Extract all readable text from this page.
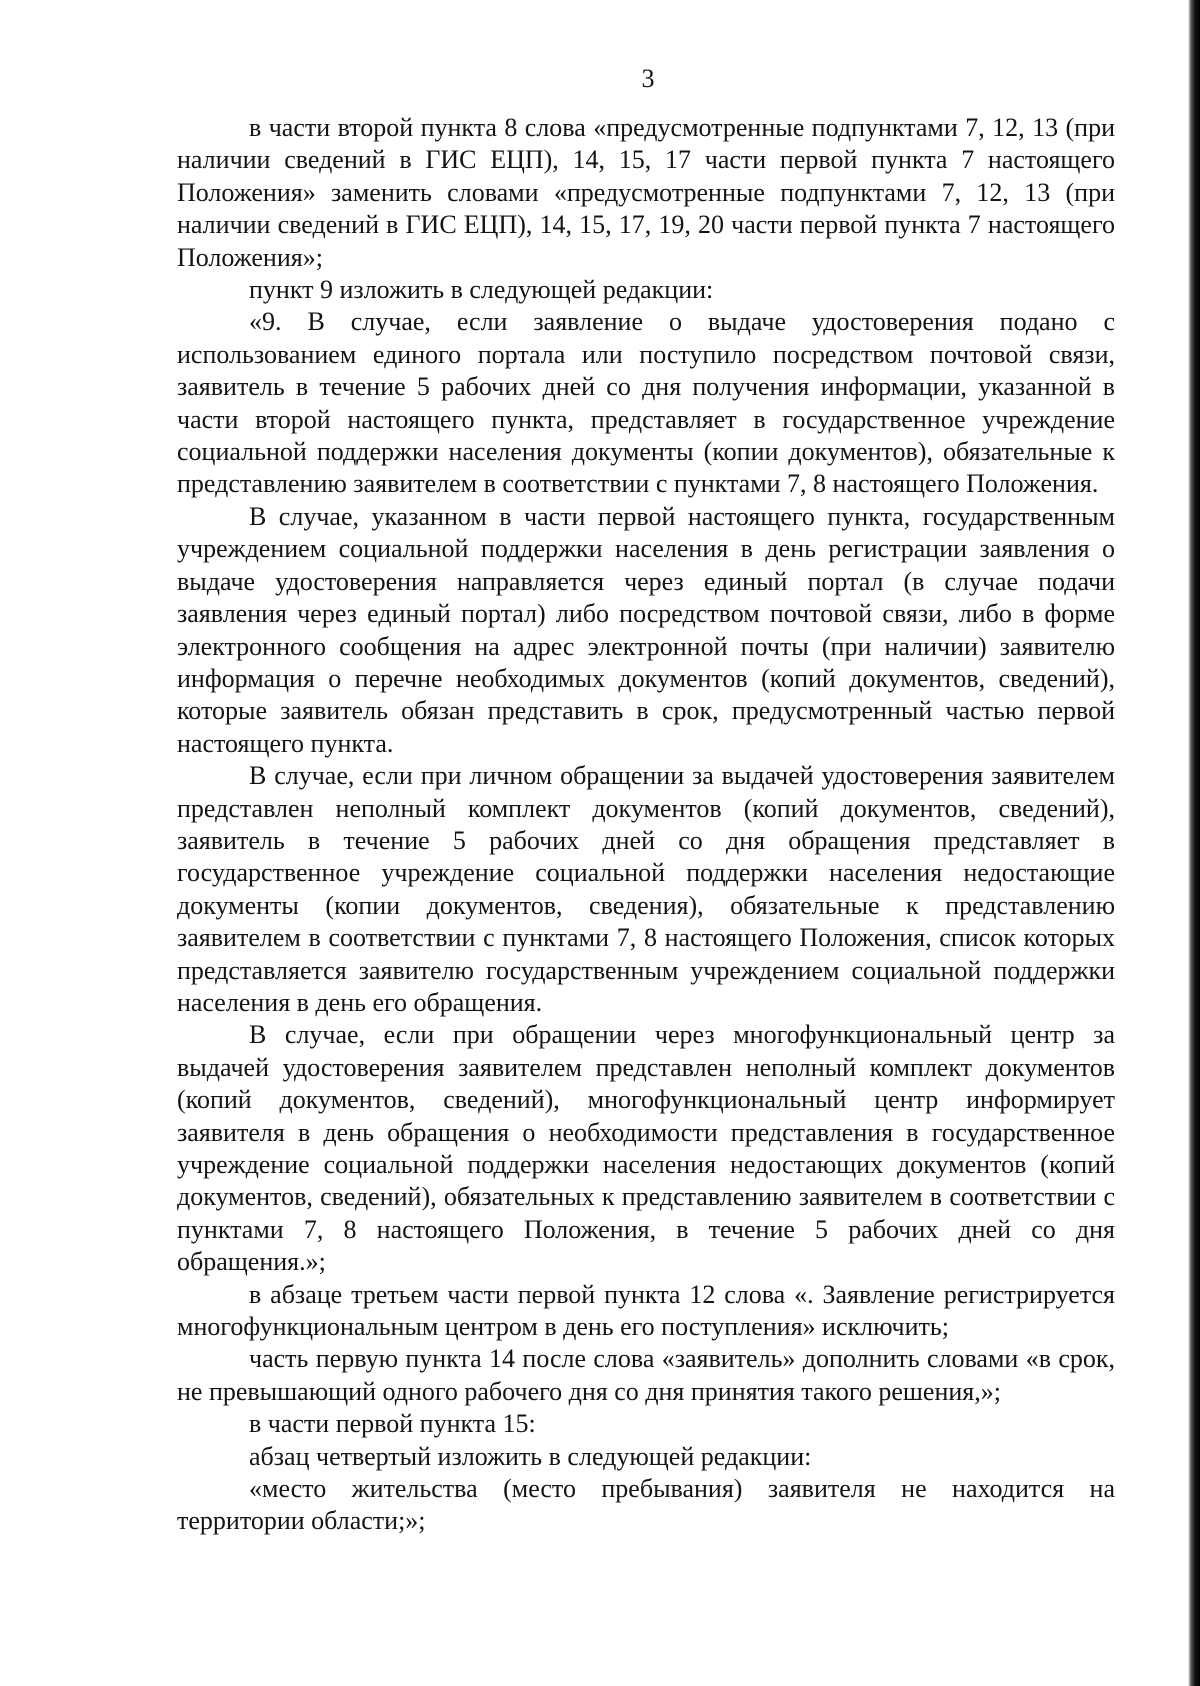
3

в части второй пункта 8 слова «предусмотренные подпунктами 7, 12, 13 (при наличии сведений в ГИС ЕЦП), 14, 15, 17 части первой пункта 7 настоящего Положения» заменить словами «предусмотренные подпунктами 7, 12, 13 (при наличии сведений в ГИС ЕЦП), 14, 15, 17, 19, 20 части первой пункта 7 настоящего Положения»;

пункт 9 изложить в следующей редакции:

«9. В случае, если заявление о выдаче удостоверения подано с использованием единого портала или поступило посредством почтовой связи, заявитель в течение 5 рабочих дней со дня получения информации, указанной в части второй настоящего пункта, представляет в государственное учреждение социальной поддержки населения документы (копии документов), обязательные к представлению заявителем в соответствии с пунктами 7, 8 настоящего Положения.

В случае, указанном в части первой настоящего пункта, государственным учреждением социальной поддержки населения в день регистрации заявления о выдаче удостоверения направляется через единый портал (в случае подачи заявления через единый портал) либо посредством почтовой связи, либо в форме электронного сообщения на адрес электронной почты (при наличии) заявителю информация о перечне необходимых документов (копий документов, сведений), которые заявитель обязан представить в срок, предусмотренный частью первой настоящего пункта.

В случае, если при личном обращении за выдачей удостоверения заявителем представлен неполный комплект документов (копий документов, сведений), заявитель в течение 5 рабочих дней со дня обращения представляет в государственное учреждение социальной поддержки населения недостающие документы (копии документов, сведения), обязательные к представлению заявителем в соответствии с пунктами 7, 8 настоящего Положения, список которых представляется заявителю государственным учреждением социальной поддержки населения в день его обращения.

В случае, если при обращении через многофункциональный центр за выдачей удостоверения заявителем представлен неполный комплект документов (копий документов, сведений), многофункциональный центр информирует заявителя в день обращения о необходимости представления в государственное учреждение социальной поддержки населения недостающих документов (копий документов, сведений), обязательных к представлению заявителем в соответствии с пунктами 7, 8 настоящего Положения, в течение 5 рабочих дней со дня обращения.»;

в абзаце третьем части первой пункта 12 слова «. Заявление регистрируется многофункциональным центром в день его поступления» исключить;

часть первую пункта 14 после слова «заявитель» дополнить словами «в срок, не превышающий одного рабочего дня со дня принятия такого решения,»;

в части первой пункта 15:

абзац четвертый изложить в следующей редакции:

«место жительства (место пребывания) заявителя не находится на территории области;»;
